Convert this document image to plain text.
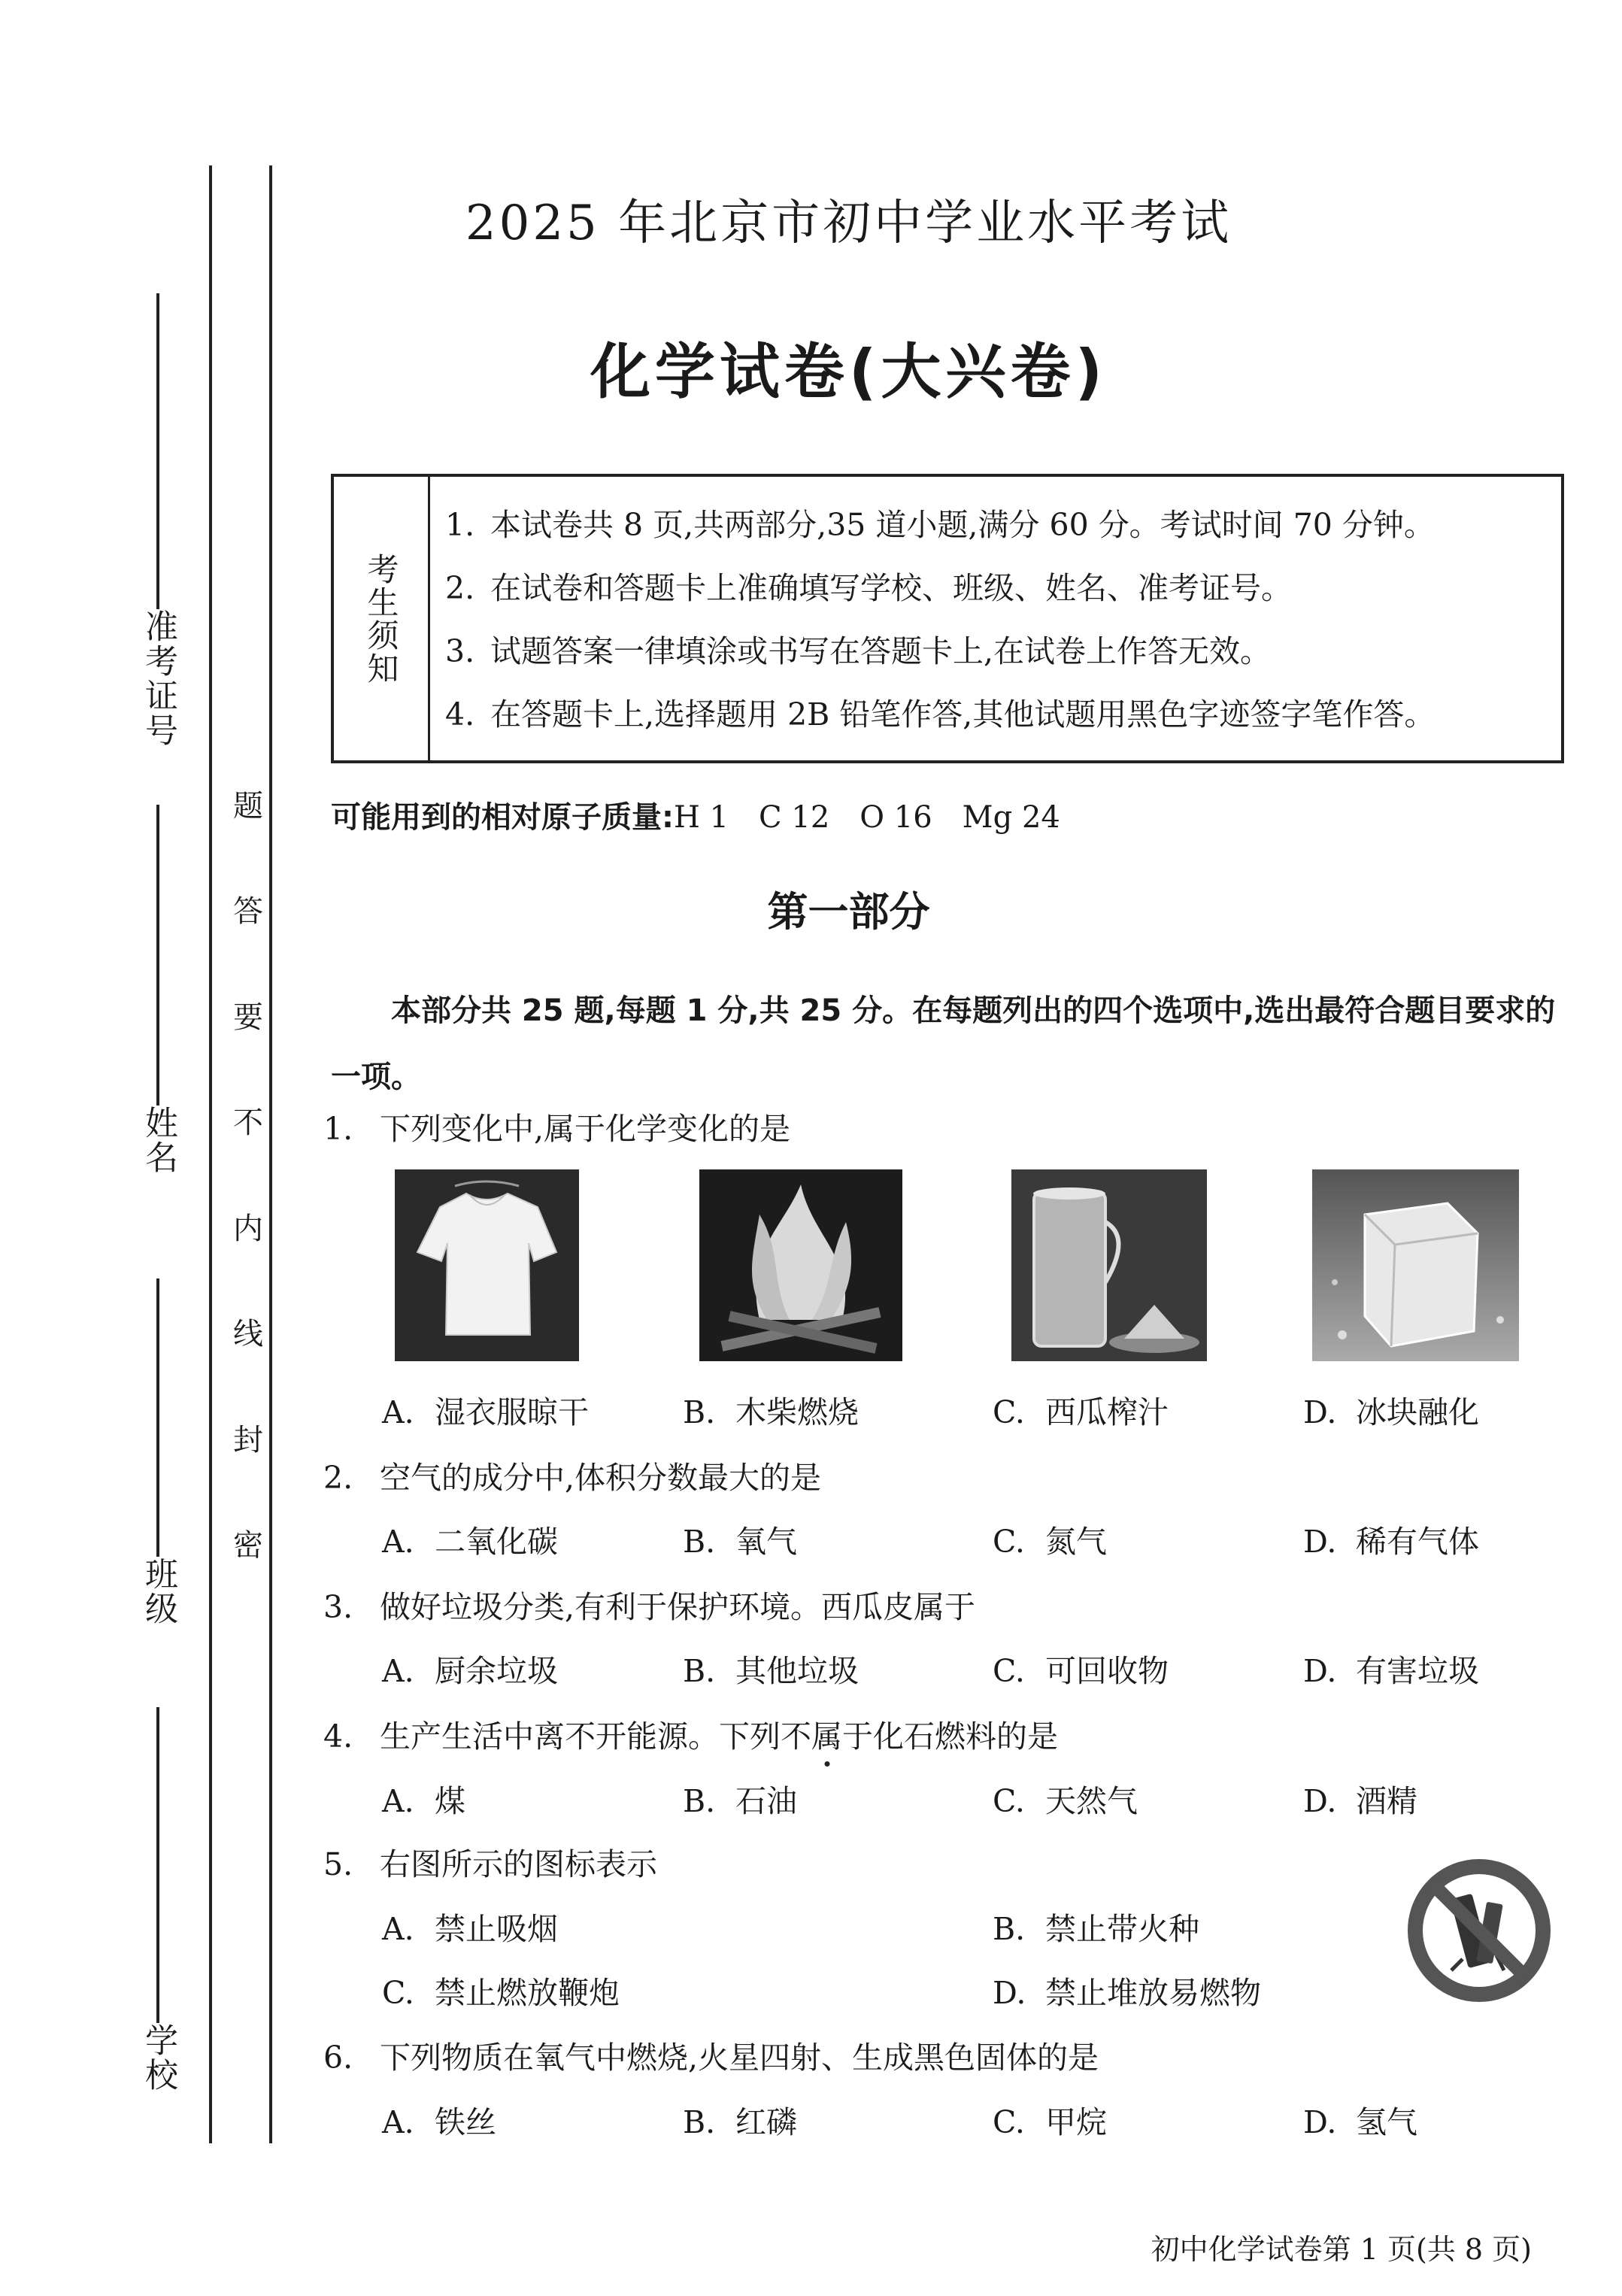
准考证号
姓名
班级
学校
题
答
要
不
内
线
封
密
2025 年北京市初中学业水平考试
化学试卷(大兴卷)
考生须知
1. 本试卷共 8 页,共两部分,35 道小题,满分 60 分。考试时间 70 分钟。
2. 在试卷和答题卡上准确填写学校、班级、姓名、准考证号。
3. 试题答案一律填涂或书写在答题卡上,在试卷上作答无效。
4. 在答题卡上,选择题用 2B 铅笔作答,其他试题用黑色字迹签字笔作答。
可能用到的相对原子质量:H 1　C 12　O 16　Mg 24
第一部分
本部分共 25 题,每题 1 分,共 25 分。在每题列出的四个选项中,选出最符合题目要求的一项。
1. 下列变化中,属于化学变化的是
A. 湿衣服晾干	B. 木柴燃烧	C. 西瓜榨汁	D. 冰块融化
2. 空气的成分中,体积分数最大的是
A. 二氧化碳	B. 氧气	C. 氮气	D. 稀有气体
3. 做好垃圾分类,有利于保护环境。西瓜皮属于
A. 厨余垃圾	B. 其他垃圾	C. 可回收物	D. 有害垃圾
4. 生产生活中离不开能源。下列不属于化石燃料的是
A. 煤	B. 石油	C. 天然气	D. 酒精
5. 右图所示的图标表示
A. 禁止吸烟	B. 禁止带火种
C. 禁止燃放鞭炮	D. 禁止堆放易燃物
6. 下列物质在氧气中燃烧,火星四射、生成黑色固体的是
A. 铁丝	B. 红磷	C. 甲烷	D. 氢气
初中化学试卷第 1 页(共 8 页)
